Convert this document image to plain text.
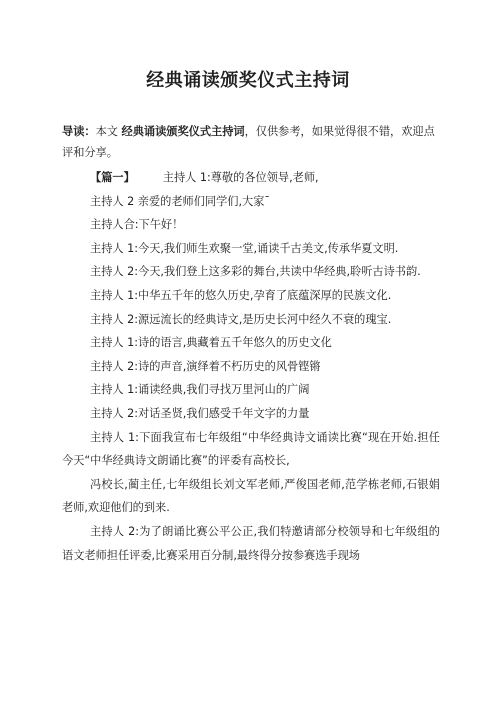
经典诵读颁奖仪式主持词
导读：本文 经典诵读颁奖仪式主持词，仅供参考，如果觉得很不错，欢迎点评和分享。

【篇一】	主持人 1:尊敬的各位领导,老师,

主持人 2 亲爱的老师们同学们,大家¯

主持人合:下午好！

主持人 1:今天,我们师生欢聚一堂,诵读千古美文,传承华夏文明.

主持人 2:今天,我们登上这多彩的舞台,共读中华经典,聆听古诗书韵.

主持人 1:中华五千年的悠久历史,孕育了底蕴深厚的民族文化.

主持人 2:源远流长的经典诗文,是历史长河中经久不衰的瑰宝.

主持人 1:诗的语言,典藏着五千年悠久的历史文化

主持人 2:诗的声音,演绎着不朽历史的风骨铿锵

主持人 1:诵读经典,我们寻找万里河山的广阔

主持人 2:对话圣贤,我们感受千年文字的力量

主持人 1:下面我宣布七年级组“中华经典诗文诵读比赛“现在开始.担任今天“中华经典诗文朗诵比赛”的评委有高校长,

冯校长,蔺主任,七年级组长刘文军老师,严俊国老师,范学栋老师,石银娟老师,欢迎他们的到来.

主持人 2:为了朗诵比赛公平公正,我们特邀请部分校领导和七年级组的语文老师担任评委,比赛采用百分制,最终得分按参赛选手现场
